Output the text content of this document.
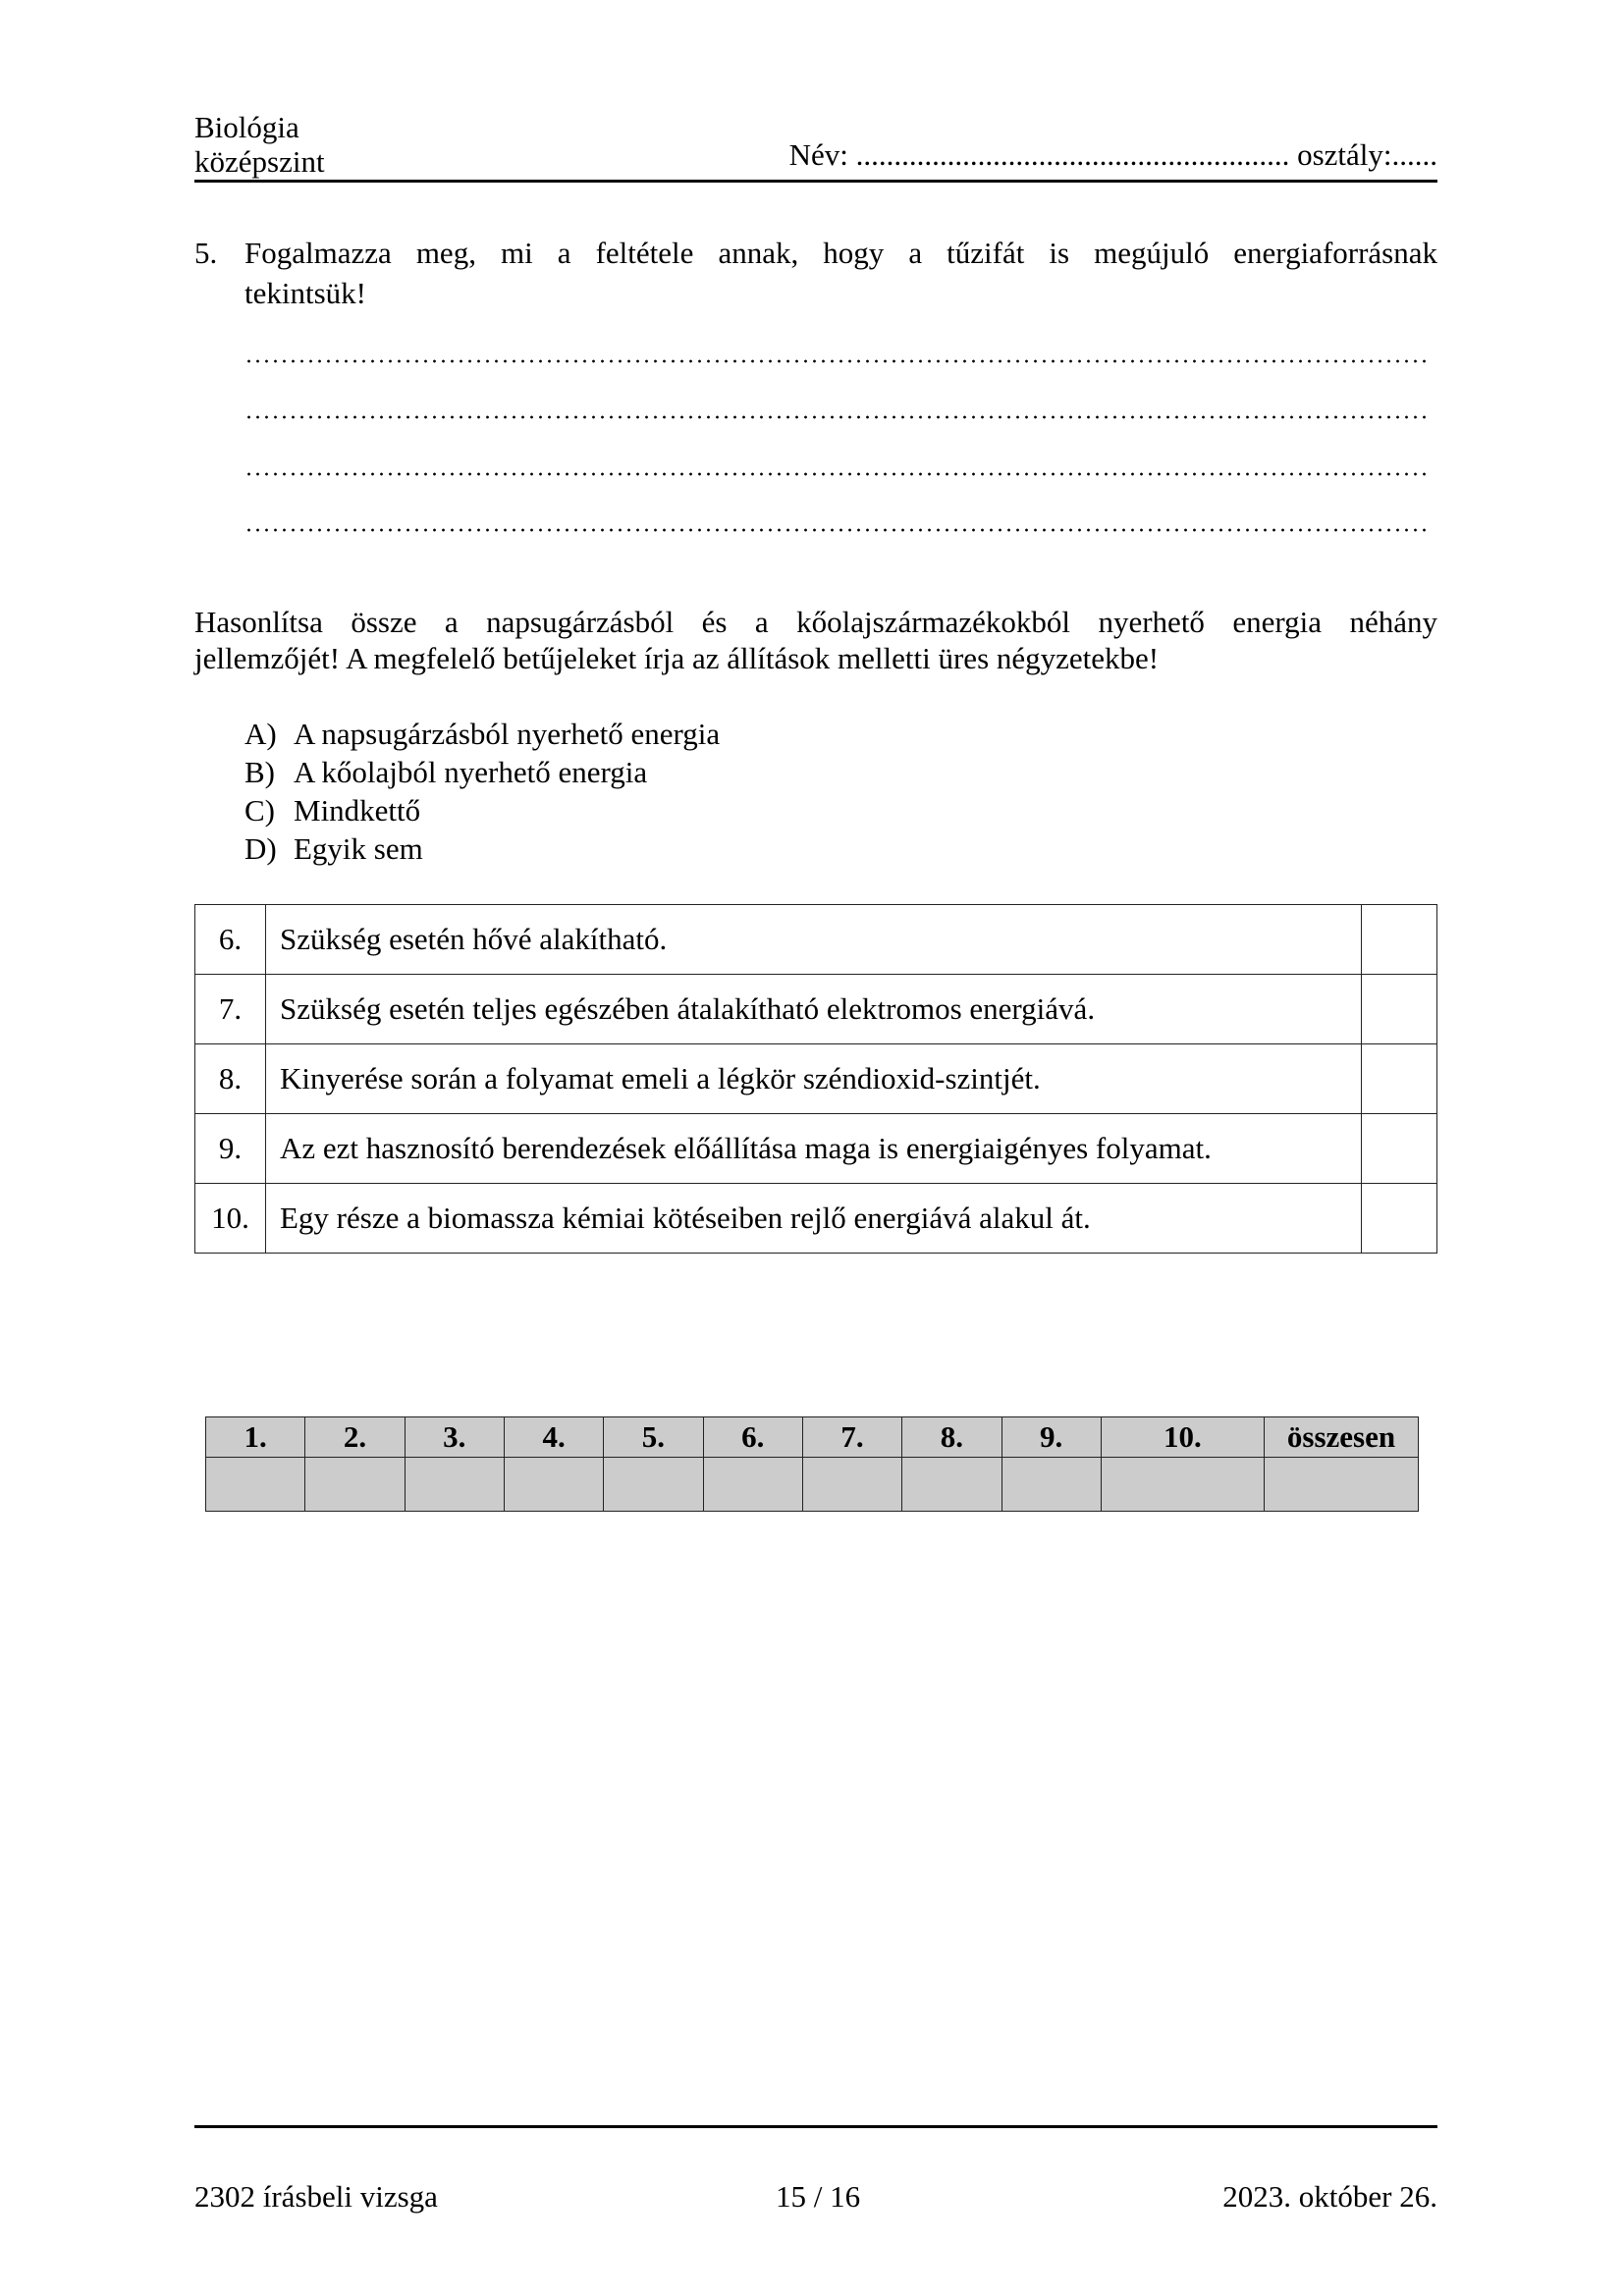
Biológia
középszint	Név: ......................................................... osztály:......
5. Fogalmazza meg, mi a feltétele annak, hogy a tűzifát is megújuló energiaforrásnak
tekintsük!
Hasonlítsa össze a napsugárzásból és a kőolajszármazékokból nyerhető energia néhány
jellemzőjét! A megfelelő betűjeleket írja az állítások melletti üres négyzetekbe!
A) A napsugárzásból nyerhető energia
B) A kőolajból nyerhető energia
C) Mindkettő
D) Egyik sem
6.	Szükség esetén hővé alakítható.	
7.	Szükség esetén teljes egészében átalakítható elektromos energiává.	
8.	Kinyerése során a folyamat emeli a légkör széndioxid-szintjét.	
9.	Az ezt hasznosító berendezések előállítása maga is energiaigényes folyamat.	
10.	Egy része a biomassza kémiai kötéseiben rejlő energiává alakul át.	
1.	2.	3.	4.	5.	6.	7.	8.	9.	10.	összesen

2302 írásbeli vizsga	15 / 16	2023. október 26.
